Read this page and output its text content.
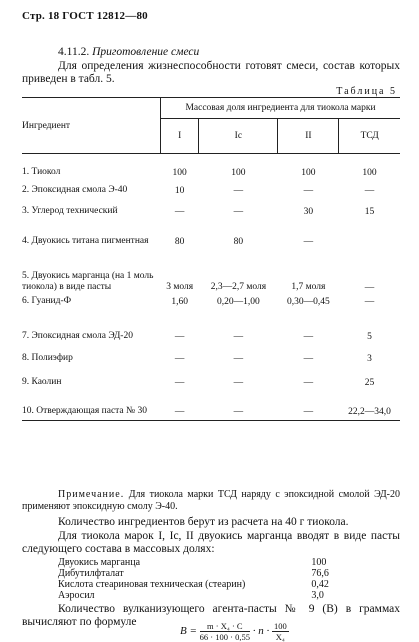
Стр. 18 ГОСТ 12812—80
4.11.2. Приготовление смеси
Для определения жизнеспособности готовят смеси, состав которых приведен в табл. 5.
Таблица 5
Ингредиент	Массовая доля ингредиента для тиокола марки			
	I	Ic	II	ТСД
1. Тиокол	100	100	100	100
2. Эпоксидная смола Э-40	10	—	—	—
3. Углерод технический	—	—	30	15
4. Двуокись титана пигментная	80	80	—	
5. Двуокись марганца (на 1 моль тиокола) в виде пасты	3 моля	2,3—2,7 моля	1,7 моля	—
6. Гуанид-Ф	1,60	0,20—1,00	0,30—0,45	—
7. Эпоксидная смола ЭД-20	—	—	—	5
8. Полиэфир	—	—	—	3
9. Каолин	—	—	—	25
10. Отверждающая паста № 30	—	—	—	22,2—34,0
Примечание. Для тиокола марки ТСД наряду с эпоксидной смолой ЭД-20 применяют эпоксидную смолу Э-40.
Количество ингредиентов берут из расчета на 40 г тиокола.
Для тиокола марок I, Ic, II двуокись марганца вводят в виде пасты следующего состава в массовых долях:
Двуокись марганца	100
Дибутилфталат	76,6
Кислота стеариновая техническая (стеарин)	0,42
Аэросил	3,0
Количество вулканизующего агента-пасты № 9 (В) в граммах вычисляют по формуле
$B = \frac{\text{m · X₄ · C}}{66 \cdot 100 \cdot 0,55} \cdot n \cdot \frac{100}{\text{X₄}}$
